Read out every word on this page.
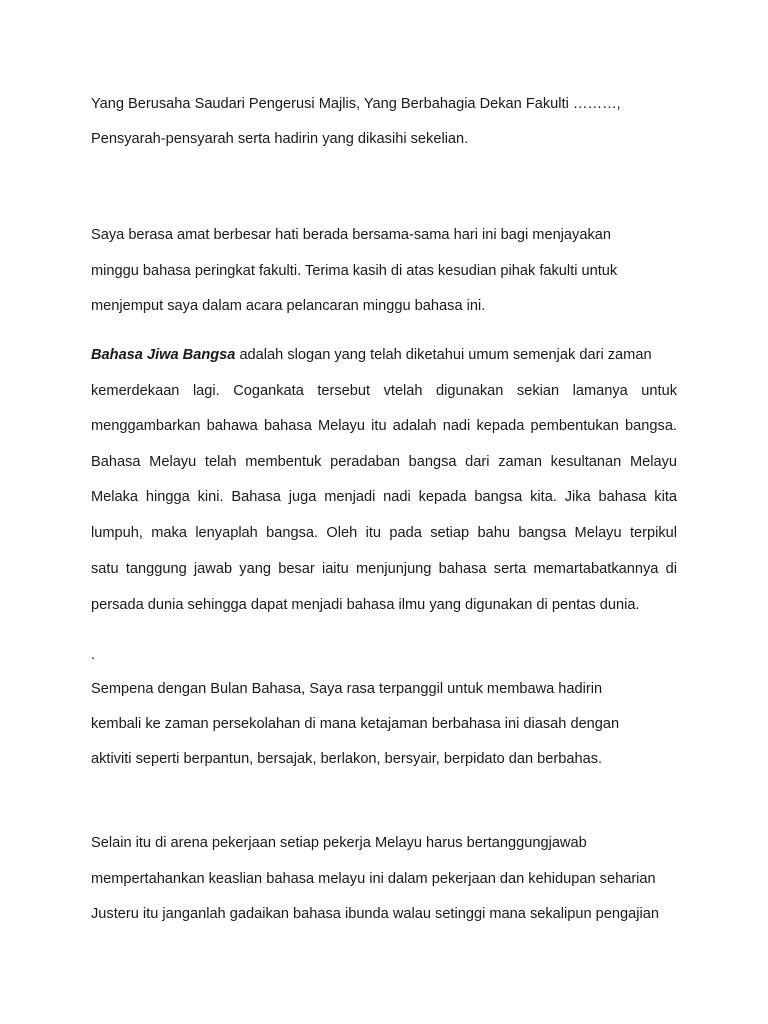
Yang Berusaha Saudari Pengerusi Majlis, Yang Berbahagia Dekan Fakulti ………,
Pensyarah-pensyarah serta hadirin yang dikasihi sekelian.
Saya berasa amat berbesar hati berada bersama-sama hari ini bagi menjayakan
minggu bahasa peringkat fakulti. Terima kasih di atas kesudian pihak fakulti untuk
menjemput saya dalam acara pelancaran minggu bahasa ini.
Bahasa Jiwa Bangsa adalah slogan yang telah diketahui umum semenjak dari zaman
kemerdekaan lagi. Cogankata tersebut vtelah digunakan sekian lamanya untuk
menggambarkan bahawa bahasa Melayu itu adalah nadi kepada pembentukan bangsa.
Bahasa Melayu telah membentuk peradaban bangsa dari zaman kesultanan Melayu
Melaka hingga kini. Bahasa juga menjadi nadi kepada bangsa kita. Jika bahasa kita
lumpuh, maka lenyaplah bangsa. Oleh itu pada setiap bahu bangsa Melayu terpikul
satu tanggung jawab yang besar iaitu menjunjung bahasa serta memartabatkannya di
persada dunia sehingga dapat menjadi bahasa ilmu yang digunakan di pentas dunia.
.
Sempena dengan Bulan Bahasa, Saya rasa terpanggil untuk membawa hadirin
kembali ke zaman persekolahan di mana ketajaman berbahasa ini diasah dengan
aktiviti seperti berpantun, bersajak, berlakon, bersyair, berpidato dan berbahas.
Selain itu di arena pekerjaan setiap pekerja Melayu harus bertanggungjawab
mempertahankan keaslian bahasa melayu ini dalam pekerjaan dan kehidupan seharian
Justeru itu janganlah gadaikan bahasa ibunda walau setinggi mana sekalipun pengajian
